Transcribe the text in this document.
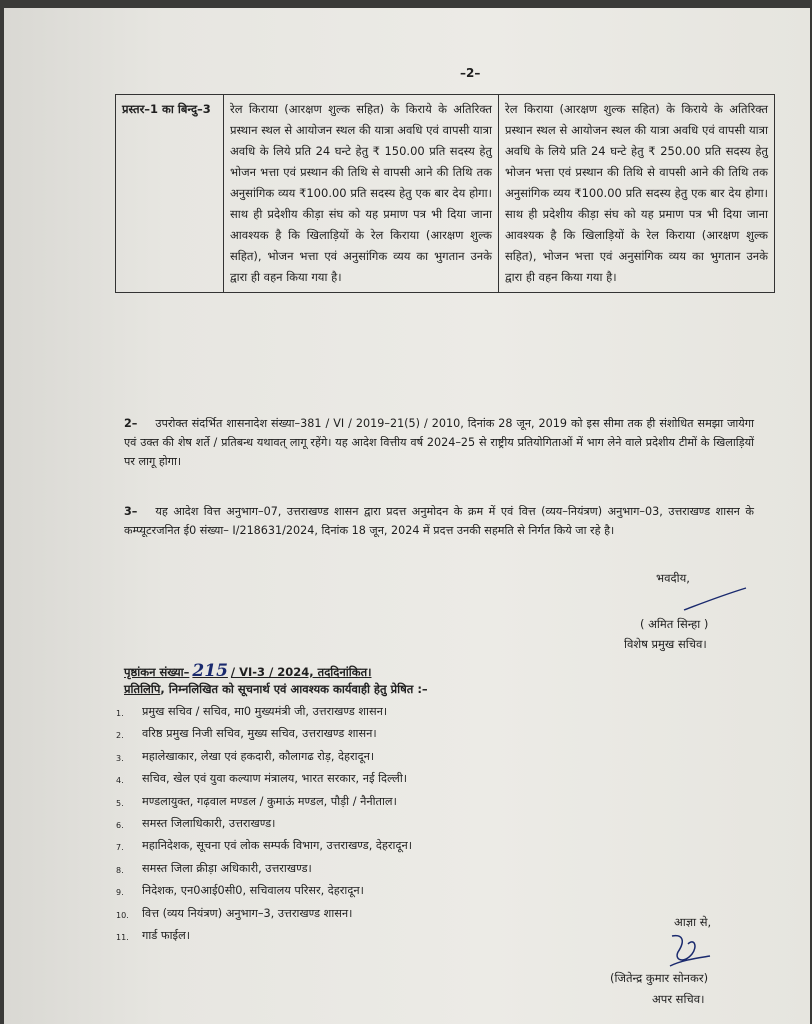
–2–
प्रस्तर–1 का बिन्दु–3	रेल किराया (आरक्षण शुल्क सहित) के किराये के अतिरिक्त प्रस्थान स्थल से आयोजन स्थल की यात्रा अवधि एवं वापसी यात्रा अवधि के लिये प्रति 24 घन्टे हेतु ₹ 150.00 प्रति सदस्य हेतु भोजन भत्ता एवं प्रस्थान की तिथि से वापसी आने की तिथि तक अनुसांगिक व्यय ₹100.00 प्रति सदस्य हेतु एक बार देय होगा। साथ ही प्रदेशीय कीड़ा संघ को यह प्रमाण पत्र भी दिया जाना आवश्यक है कि खिलाड़ियों के रेल किराया (आरक्षण शुल्क सहित), भोजन भत्ता एवं अनुसांगिक व्यय का भुगतान उनके द्वारा ही वहन किया गया है।	रेल किराया (आरक्षण शुल्क सहित) के किराये के अतिरिक्त प्रस्थान स्थल से आयोजन स्थल की यात्रा अवधि एवं वापसी यात्रा अवधि के लिये प्रति 24 घन्टे हेतु ₹ 250.00 प्रति सदस्य हेतु भोजन भत्ता एवं प्रस्थान की तिथि से वापसी आने की तिथि तक अनुसांगिक व्यय ₹100.00 प्रति सदस्य हेतु एक बार देय होगा। साथ ही प्रदेशीय कीड़ा संघ को यह प्रमाण पत्र भी दिया जाना आवश्यक है कि खिलाड़ियों के रेल किराया (आरक्षण शुल्क सहित), भोजन भत्ता एवं अनुसांगिक व्यय का भुगतान उनके द्वारा ही वहन किया गया है।
2– उपरोक्त संदर्भित शासनादेश संख्या–381 / VI / 2019–21(5) / 2010, दिनांक 28 जून, 2019 को इस सीमा तक ही संशोधित समझा जायेगा एवं उक्त की शेष शर्ते / प्रतिबन्ध यथावत् लागू रहेंगे। यह आदेश वित्तीय वर्ष 2024–25 से राष्ट्रीय प्रतियोगिताओं में भाग लेने वाले प्रदेशीय टीमों के खिलाड़ियों पर लागू होगा।
3– यह आदेश वित्त अनुभाग–07, उत्तराखण्ड शासन द्वारा प्रदत्त अनुमोदन के क्रम में एवं वित्त (व्यय–नियंत्रण) अनुभाग–03, उत्तराखण्ड शासन के कम्प्यूटरजनित ई0 संख्या– I/218631/2024, दिनांक 18 जून, 2024 में प्रदत्त उनकी सहमति से निर्गत किये जा रहे है।
भवदीय,
( अमित सिन्हा )
विशेष प्रमुख सचिव।
पृष्ठांकन संख्या– 215 / VI-3 / 2024, तददिनांकित।
प्रतिलिपि, निम्नलिखित को सूचनार्थ एवं आवश्यक कार्यवाही हेतु प्रेषित :–
1.	प्रमुख सचिव / सचिव, मा0 मुख्यमंत्री जी, उत्तराखण्ड शासन।
2.	वरिष्ठ प्रमुख निजी सचिव, मुख्य सचिव, उत्तराखण्ड शासन।
3.	महालेखाकार, लेखा एवं हकदारी, कौलागढ रोड़, देहरादून।
4.	सचिव, खेल एवं युवा कल्याण मंत्रालय, भारत सरकार, नई दिल्ली।
5.	मण्डलायुक्त, गढ़वाल मण्डल / कुमाऊं मण्डल, पौड़ी / नैनीताल।
6.	समस्त जिलाधिकारी, उत्तराखण्ड।
7.	महानिदेशक, सूचना एवं लोक सम्पर्क विभाग, उत्तराखण्ड, देहरादून।
8.	समस्त जिला क्रीड़ा अधिकारी, उत्तराखण्ड।
9.	निदेशक, एन0आई0सी0, सचिवालय परिसर, देहरादून।
10.	वित्त (व्यय नियंत्रण) अनुभाग–3, उत्तराखण्ड शासन।
11.	गार्ड फाईल।
आज्ञा से,
(जितेन्द्र कुमार सोनकर)
अपर सचिव।
